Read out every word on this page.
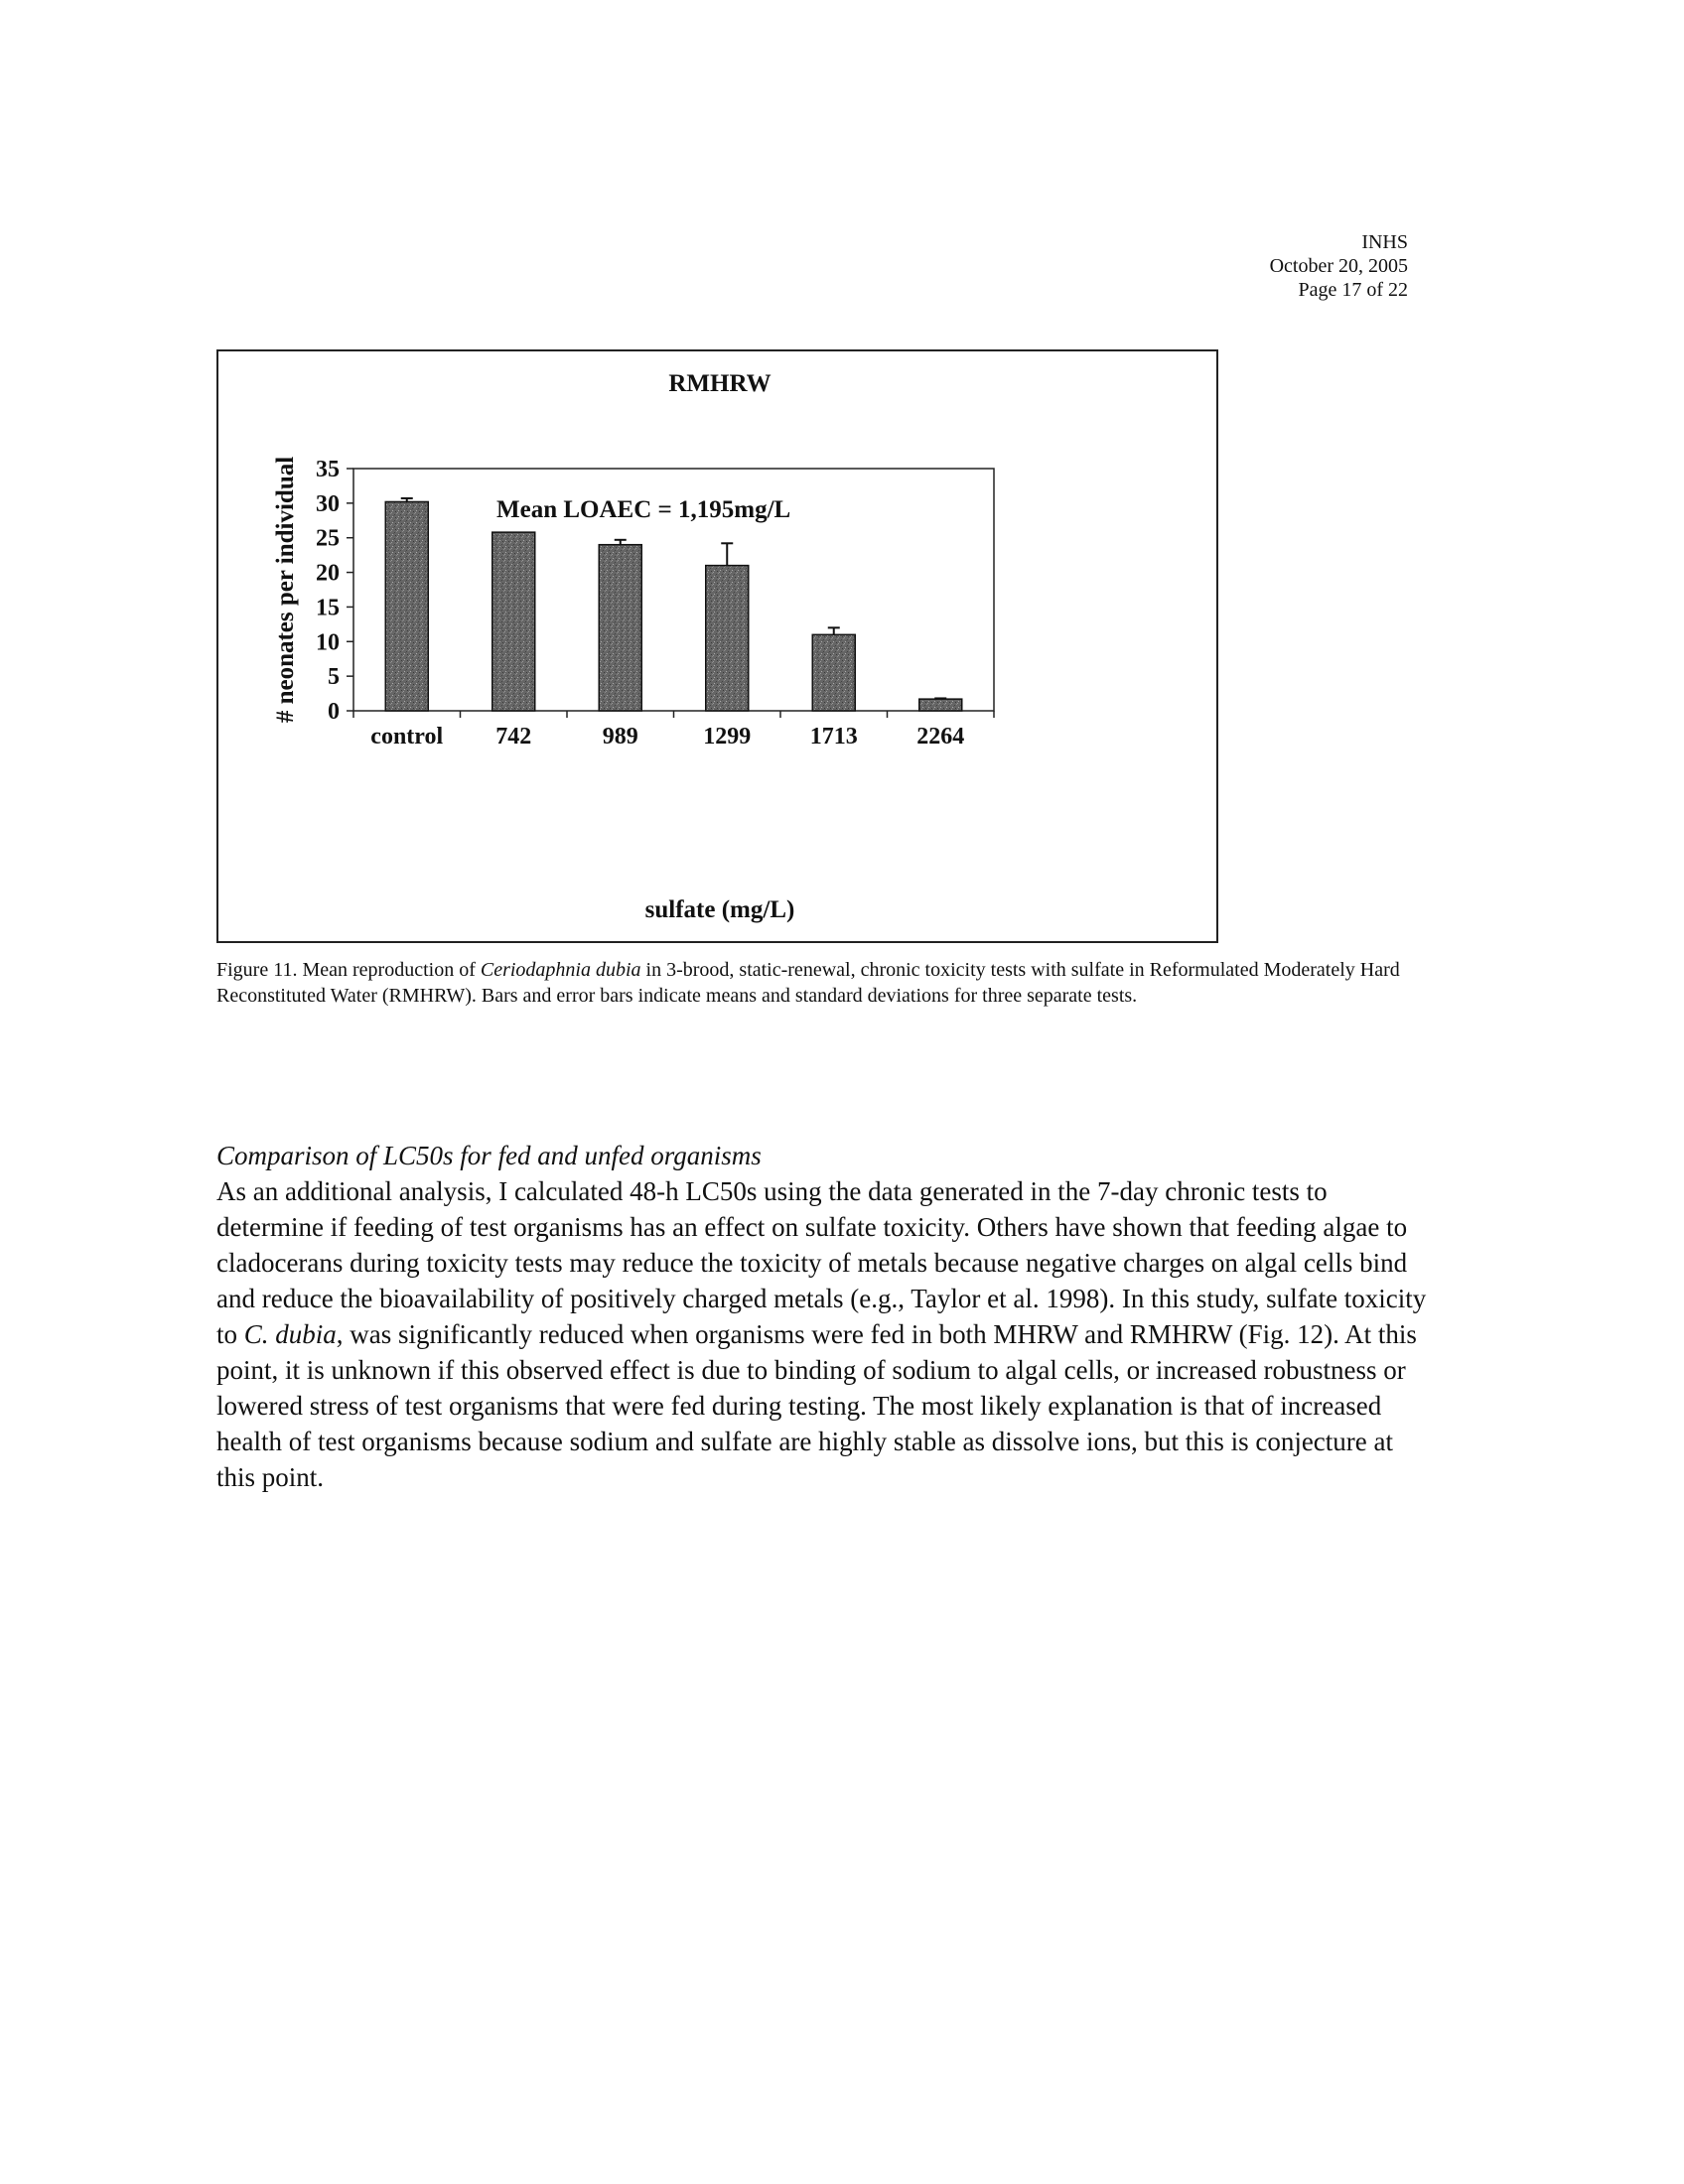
INHS
October 20, 2005
Page 17 of 22
RMHRW
Mean LOAEC = 1,195mg/L
# neonates per individual
sulfate (mg/L)
0
5
10
15
20
25
30
35
control 742	989	1299 1713 2264
Figure 11. Mean reproduction of Ceriodaphnia dubia in 3-brood, static-renewal, chronic toxicity tests with sulfate in Reformulated Moderately Hard Reconstituted Water (RMHRW). Bars and error bars indicate means and standard deviations for three separate tests.
Comparison of LC50s for fed and unfed organisms
As an additional analysis, I calculated 48-h LC50s using the data generated in the 7-day chronic tests to determine if feeding of test organisms has an effect on sulfate toxicity. Others have shown that feeding algae to cladocerans during toxicity tests may reduce the toxicity of metals because negative charges on algal cells bind and reduce the bioavailability of positively charged metals (e.g., Taylor et al. 1998). In this study, sulfate toxicity to C. dubia, was significantly reduced when organisms were fed in both MHRW and RMHRW (Fig. 12). At this point, it is unknown if this observed effect is due to binding of sodium to algal cells, or increased robustness or lowered stress of test organisms that were fed during testing. The most likely explanation is that of increased health of test organisms because sodium and sulfate are highly stable as dissolve ions, but this is conjecture at this point.
